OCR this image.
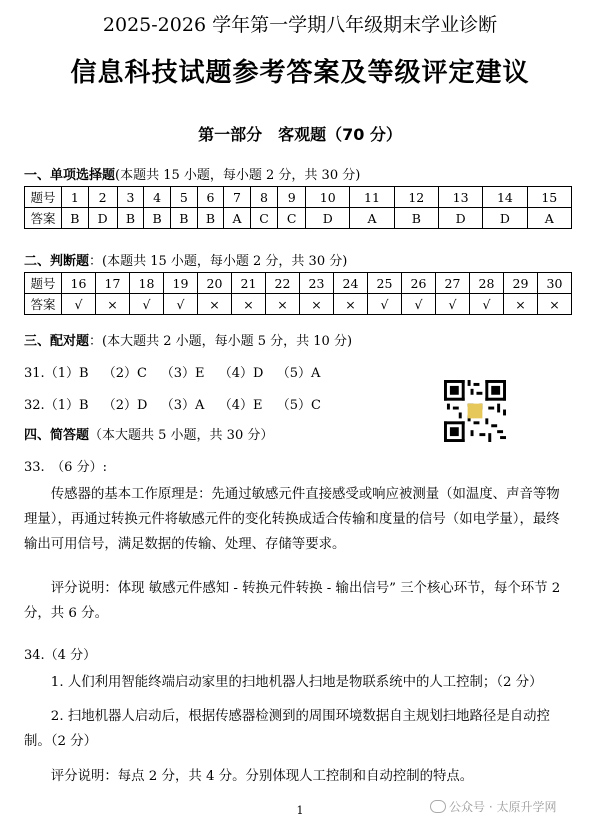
2025-2026 学年第一学期八年级期末学业诊断
信息科技试题参考答案及等级评定建议
第一部分　客观题（70 分）
一、单项选择题(本题共 15 小题，每小题 2 分，共 30 分)
题号	1	2	3	4	5	6	7	8	9	10	11	12	13	14	15
答案	B	D	B	B	B	B	A	C	C	D	A	B	D	D	A
二、判断题：(本题共 15 小题，每小题 2 分，共 30 分)
题号	16	17	18	19	20	21	22	23	24	25	26	27	28	29	30
答案	√	×	√	√	×	×	×	×	×	√	√	√	√	×	×
三、配对题：(本大题共 2 小题，每小题 5 分，共 10 分)
31.（1）B （2）C （3）E （4）D （5）A
32.（1）B （2）D （3）A （4）E （5）C
四、简答题（本大题共 5 小题，共 30 分）
33.　（6 分）:
传感器的基本工作原理是：先通过敏感元件直接感受或响应被测量（如温度、声音等物理量），再通过转换元件将敏感元件的变化转换成适合传输和度量的信号（如电学量），最终输出可用信号，满足数据的传输、处理、存储等要求。
评分说明：体现 敏感元件感知 - 转换元件转换 - 输出信号” 三个核心环节，每个环节 2 分，共 6 分。
34.（4 分）
1. 人们利用智能终端启动家里的扫地机器人扫地是物联系统中的人工控制；（2 分）
2. 扫地机器人启动后，根据传感器检测到的周围环境数据自主规划扫地路径是自动控制。（2 分）
评分说明：每点 2 分，共 4 分。分别体现人工控制和自动控制的特点。
1	公众号 · 太原升学网
